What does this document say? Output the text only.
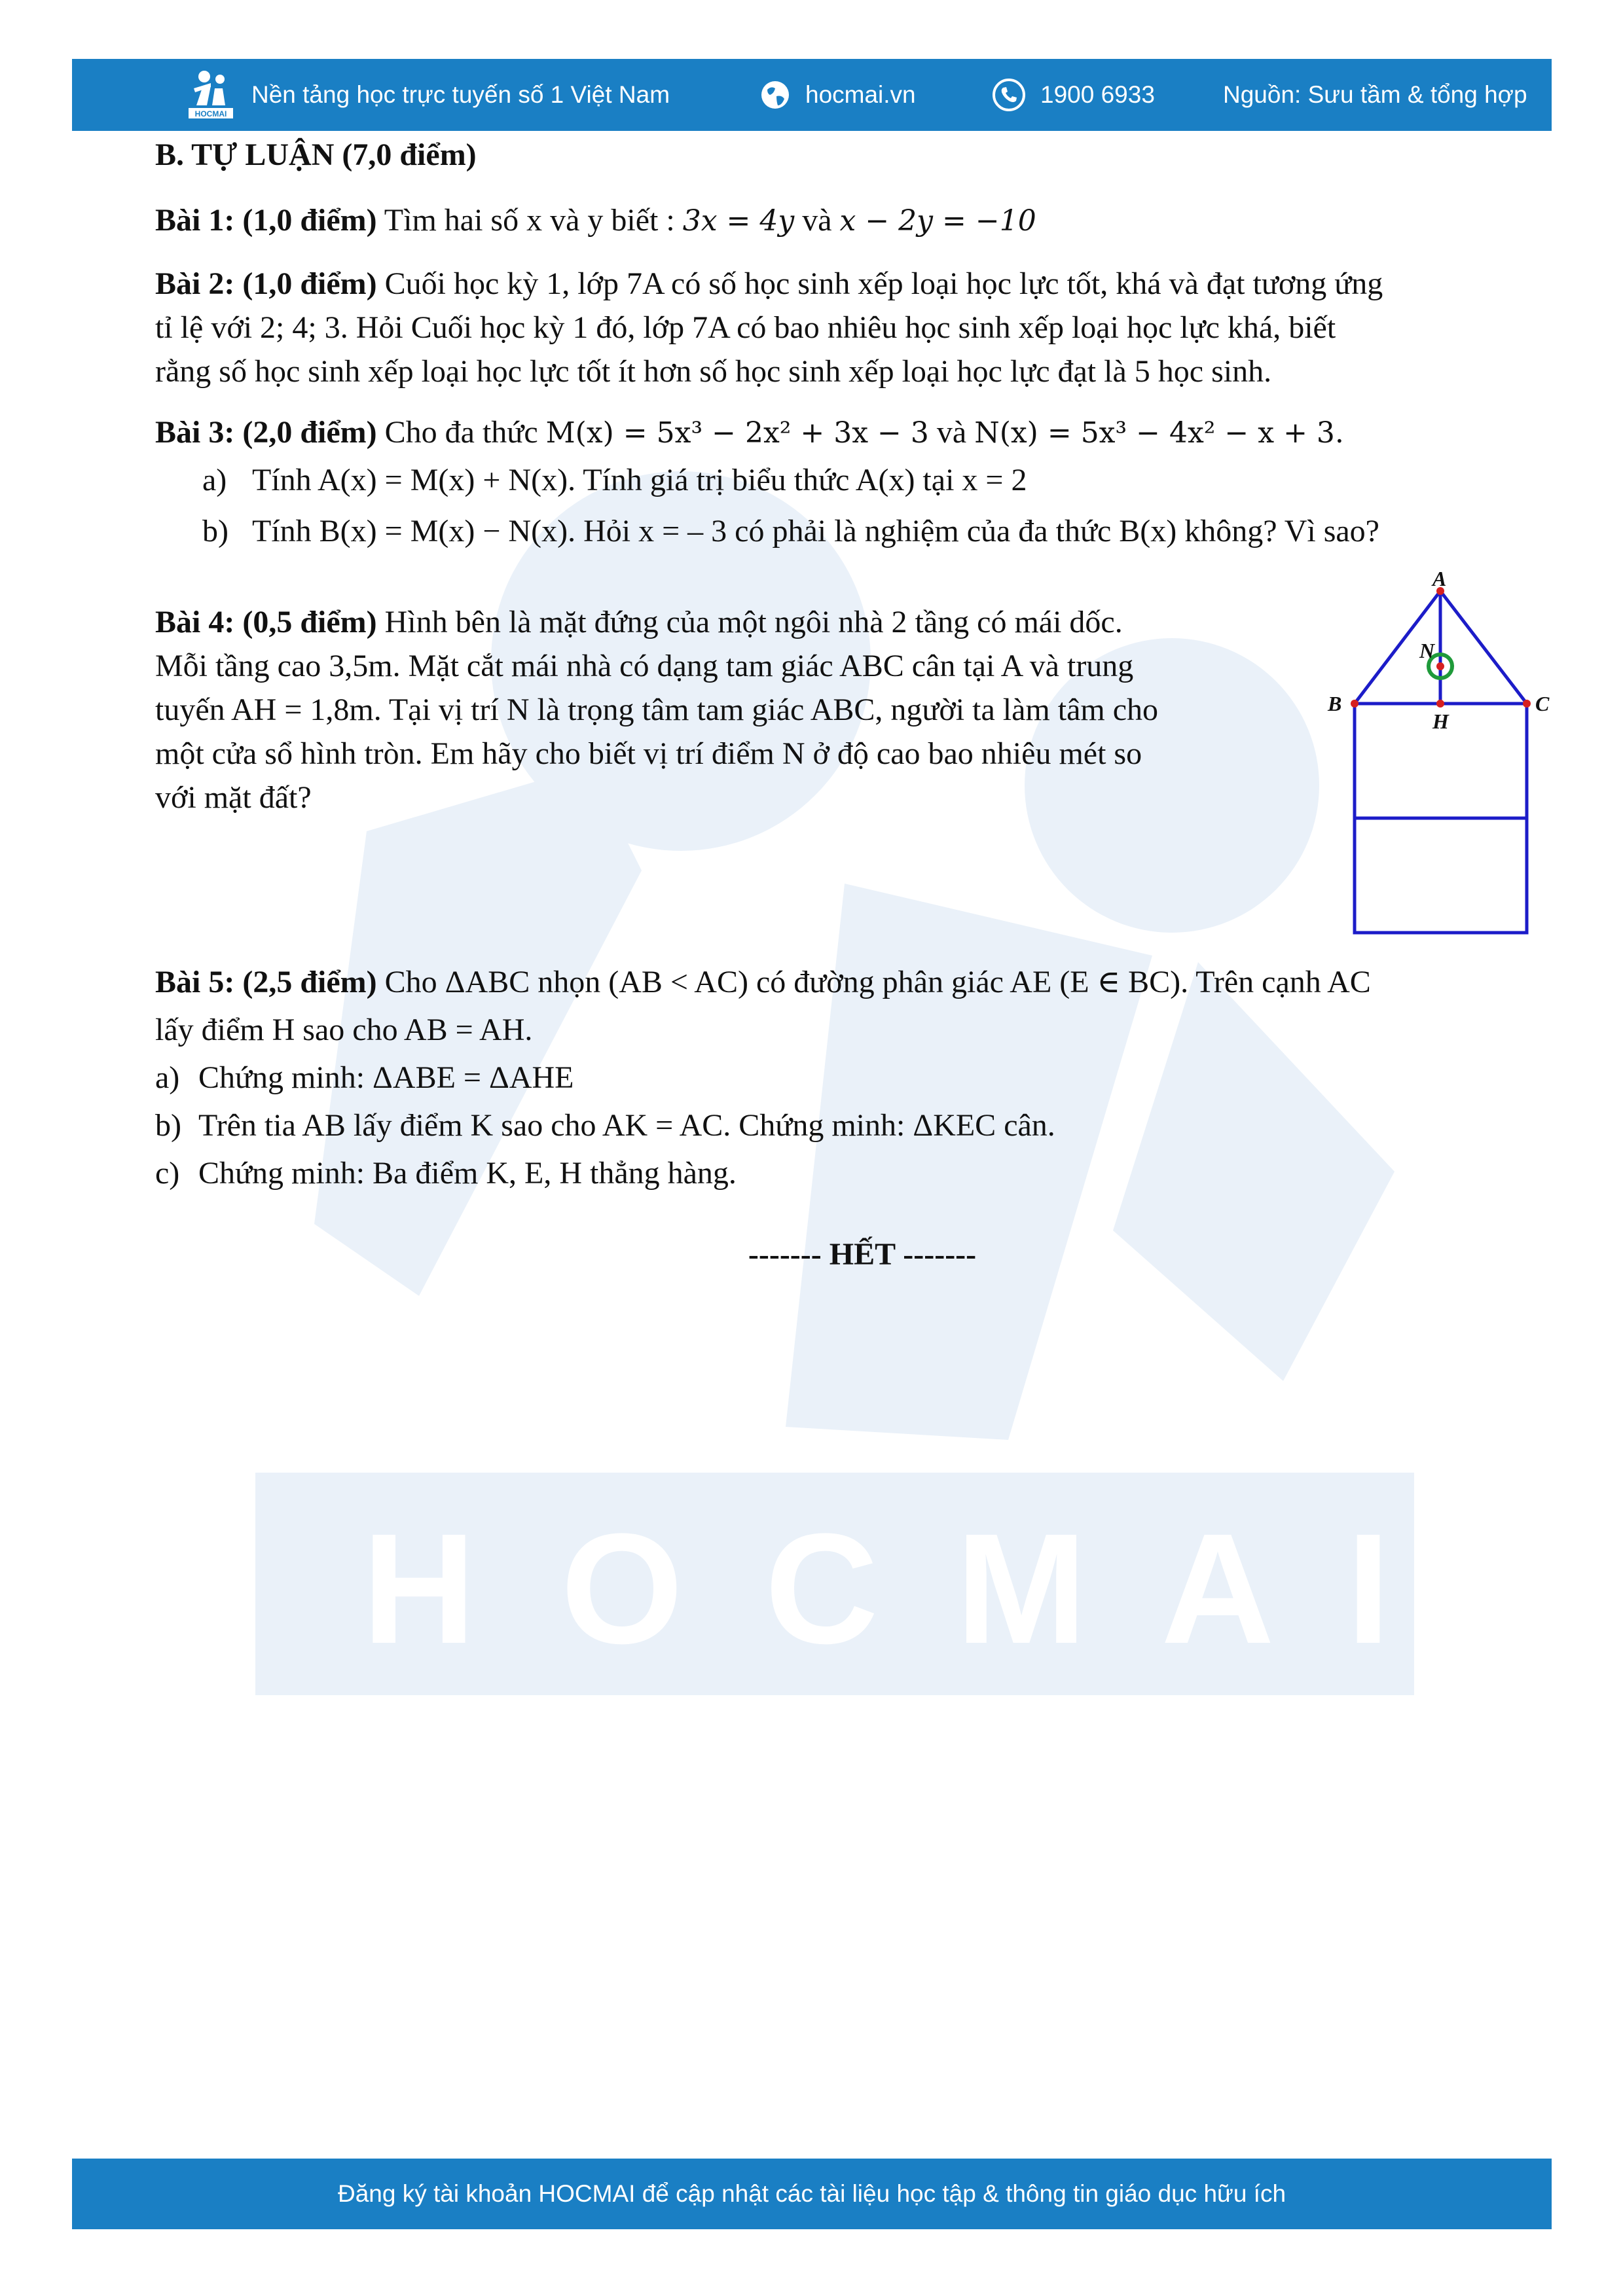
H O C M A I
HOCMAI
Nền tảng học trực tuyến số 1 Việt Nam	hocmai.vn	1900 6933	Nguồn: Sưu tầm & tổng hợp

B. TỰ LUẬN (7,0 điểm)

Bài 1: (1,0 điểm) Tìm hai số x và y biết : 3x = 4y và x − 2y = −10

Bài 2: (1,0 điểm) Cuối học kỳ 1, lớp 7A có số học sinh xếp loại học lực tốt, khá và đạt tương ứng

tỉ lệ với 2; 4; 3. Hỏi Cuối học kỳ 1 đó, lớp 7A có bao nhiêu học sinh xếp loại học lực khá, biết

rằng số học sinh xếp loại học lực tốt ít hơn số học sinh xếp loại học lực đạt là 5 học sinh.

Bài 3: (2,0 điểm) Cho đa thức M(x) = 5x³ − 2x² + 3x − 3 và N(x) = 5x³ − 4x² − x + 3.

a) Tính A(x) = M(x) + N(x). Tính giá trị biểu thức A(x) tại x = 2

b) Tính B(x) = M(x) − N(x). Hỏi x = – 3 có phải là nghiệm của đa thức B(x) không? Vì sao?

Bài 4: (0,5 điểm) Hình bên là mặt đứng của một ngôi nhà 2 tầng có mái dốc.

Mỗi tầng cao 3,5m. Mặt cắt mái nhà có dạng tam giác ABC cân tại A và trung

tuyến AH = 1,8m. Tại vị trí N là trọng tâm tam giác ABC, người ta làm tâm cho

một cửa sổ hình tròn. Em hãy cho biết vị trí điểm N ở độ cao bao nhiêu mét so

với mặt đất?

Bài 5: (2,5 điểm) Cho ΔABC nhọn (AB < AC) có đường phân giác AE (E ∈ BC). Trên cạnh AC

lấy điểm H sao cho AB = AH.

a) Chứng minh: ΔABE = ΔAHE

b) Trên tia AB lấy điểm K sao cho AK = AC. Chứng minh: ΔKEC cân.

c) Chứng minh: Ba điểm K, E, H thẳng hàng.

------- HẾT -------

A
B	C
H
N
Đăng ký tài khoản HOCMAI để cập nhật các tài liệu học tập & thông tin giáo dục hữu ích
